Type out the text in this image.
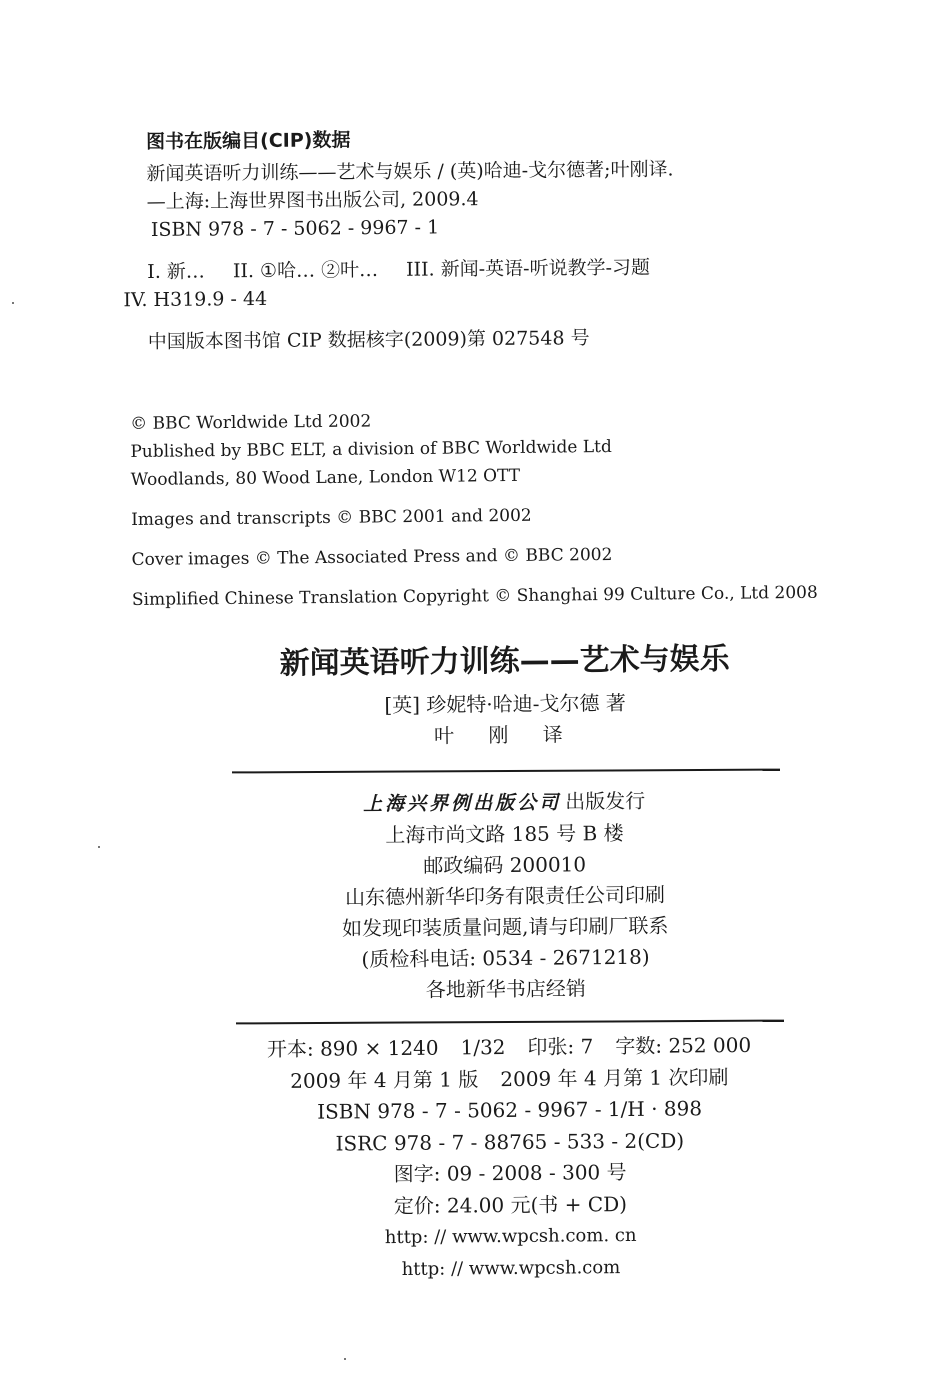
图书在版编目(CIP)数据
新闻英语听力训练——艺术与娱乐 / (英)哈迪-戈尔德著;叶刚译.
—上海:上海世界图书出版公司, 2009.4
ISBN 978 - 7 - 5062 - 9967 - 1
I. 新… II. ①哈… ②叶… III. 新闻-英语-听说教学-习题
IV. H319.9 - 44
中国版本图书馆 CIP 数据核字(2009)第 027548 号
© BBC Worldwide Ltd 2002
Published by BBC ELT, a division of BBC Worldwide Ltd
Woodlands, 80 Wood Lane, London W12 OTT
Images and transcripts © BBC 2001 and 2002
Cover images © The Associated Press and © BBC 2002
Simplified Chinese Translation Copyright © Shanghai 99 Culture Co., Ltd 2008
新闻英语听力训练——艺术与娱乐
[英] 珍妮特·哈迪-戈尔德 著
叶 刚 译
上海兴界例出版公司 出版发行
上海市尚文路 185 号 B 楼
邮政编码 200010
山东德州新华印务有限责任公司印刷
如发现印装质量问题,请与印刷厂联系
(质检科电话: 0534 - 2671218)
各地新华书店经销
开本: 890 × 1240 1/32 印张: 7 字数: 252 000
2009 年 4 月第 1 版 2009 年 4 月第 1 次印刷
ISBN 978 - 7 - 5062 - 9967 - 1/H · 898
ISRC 978 - 7 - 88765 - 533 - 2(CD)
图字: 09 - 2008 - 300 号
定价: 24.00 元(书 + CD)
http: // www.wpcsh.com. cn
http: // www.wpcsh.com
